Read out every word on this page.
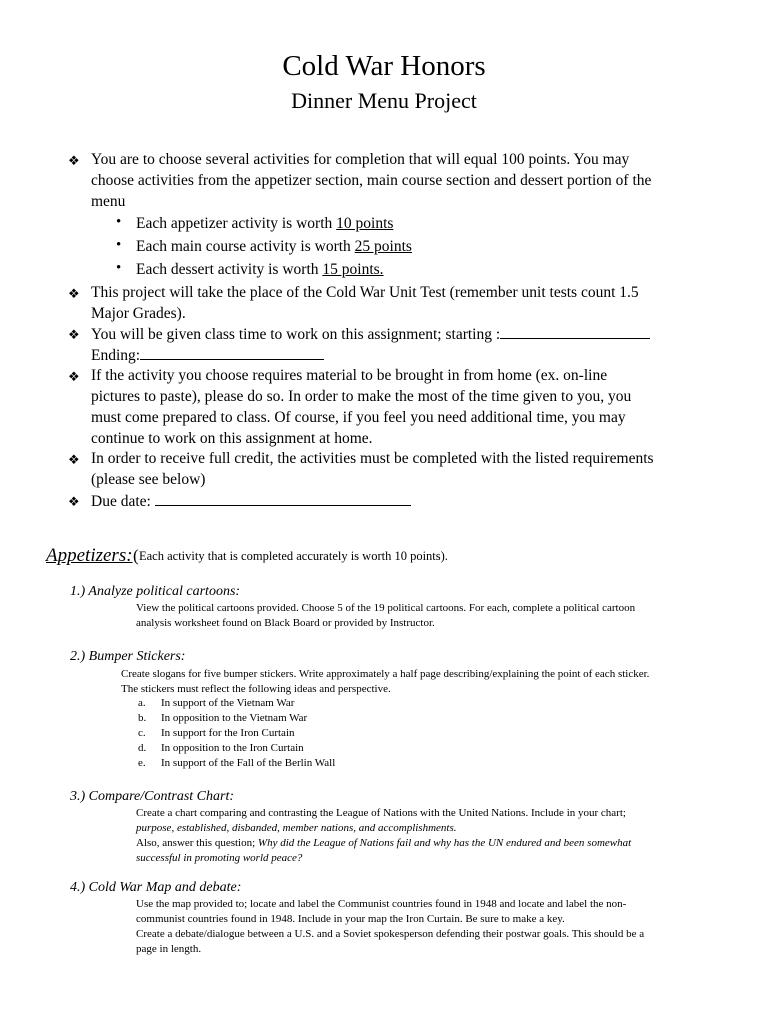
Cold War Honors
Dinner Menu Project
❖ You are to choose several activities for completion that will equal 100 points. You may
choose activities from the appetizer section, main course section and dessert portion of the
menu
• Each appetizer activity is worth 10 points
• Each main course activity is worth 25 points
• Each dessert activity is worth 15 points.
❖ This project will take the place of the Cold War Unit Test (remember unit tests count 1.5
Major Grades).
❖ You will be given class time to work on this assignment; starting :
Ending:
❖ If the activity you choose requires material to be brought in from home (ex. on-line
pictures to paste), please do so. In order to make the most of the time given to you, you
must come prepared to class. Of course, if you feel you need additional time, you may
continue to work on this assignment at home.
❖ In order to receive full credit, the activities must be completed with the listed requirements
(please see below)
❖ Due date:
Appetizers: ( Each activity that is completed accurately is worth 10 points).
1.) Analyze political cartoons:
View the political cartoons provided. Choose 5 of the 19 political cartoons. For each, complete a political cartoon
analysis worksheet found on Black Board or provided by Instructor.
2.) Bumper Stickers:
Create slogans for five bumper stickers. Write approximately a half page describing/explaining the point of each sticker.
The stickers must reflect the following ideas and perspective.
a. In support of the Vietnam War
b. In opposition to the Vietnam War
c. In support for the Iron Curtain
d. In opposition to the Iron Curtain
e. In support of the Fall of the Berlin Wall
3.) Compare/Contrast Chart:
Create a chart comparing and contrasting the League of Nations with the United Nations. Include in your chart;
purpose, established, disbanded, member nations, and accomplishments.
Also, answer this question; Why did the League of Nations fail and why has the UN endured and been somewhat
successful in promoting world peace?
4.) Cold War Map and debate:
Use the map provided to; locate and label the Communist countries found in 1948 and locate and label the non-
communist countries found in 1948. Include in your map the Iron Curtain. Be sure to make a key.
Create a debate/dialogue between a U.S. and a Soviet spokesperson defending their postwar goals. This should be a
page in length.
